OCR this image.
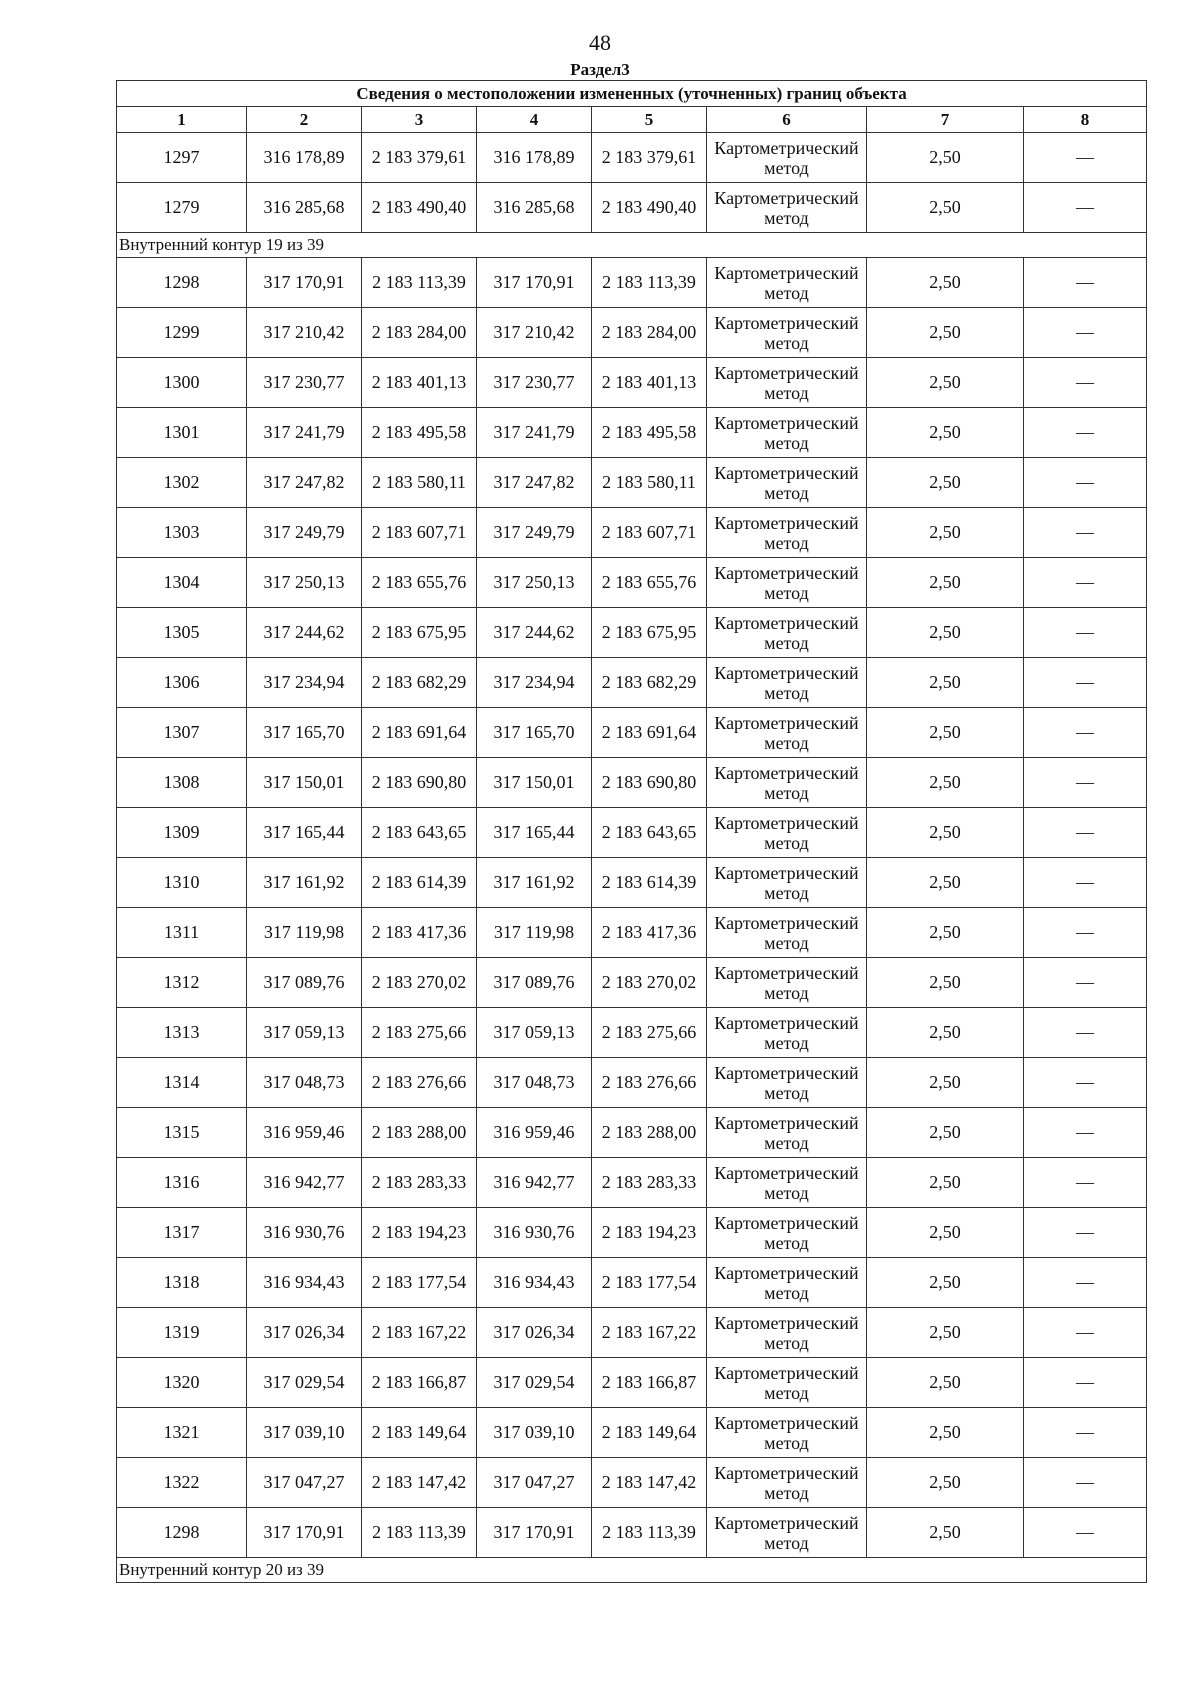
48
Раздел3
Сведения о местоположении измененных (уточненных) границ объекта							
1	2	3	4	5	6	7	8
1297	316 178,89	2 183 379,61	316 178,89	2 183 379,61	Картометрический метод	2,50	—
1279	316 285,68	2 183 490,40	316 285,68	2 183 490,40	Картометрический метод	2,50	—
Внутренний контур 19 из 39							
1298	317 170,91	2 183 113,39	317 170,91	2 183 113,39	Картометрический метод	2,50	—
1299	317 210,42	2 183 284,00	317 210,42	2 183 284,00	Картометрический метод	2,50	—
1300	317 230,77	2 183 401,13	317 230,77	2 183 401,13	Картометрический метод	2,50	—
1301	317 241,79	2 183 495,58	317 241,79	2 183 495,58	Картометрический метод	2,50	—
1302	317 247,82	2 183 580,11	317 247,82	2 183 580,11	Картометрический метод	2,50	—
1303	317 249,79	2 183 607,71	317 249,79	2 183 607,71	Картометрический метод	2,50	—
1304	317 250,13	2 183 655,76	317 250,13	2 183 655,76	Картометрический метод	2,50	—
1305	317 244,62	2 183 675,95	317 244,62	2 183 675,95	Картометрический метод	2,50	—
1306	317 234,94	2 183 682,29	317 234,94	2 183 682,29	Картометрический метод	2,50	—
1307	317 165,70	2 183 691,64	317 165,70	2 183 691,64	Картометрический метод	2,50	—
1308	317 150,01	2 183 690,80	317 150,01	2 183 690,80	Картометрический метод	2,50	—
1309	317 165,44	2 183 643,65	317 165,44	2 183 643,65	Картометрический метод	2,50	—
1310	317 161,92	2 183 614,39	317 161,92	2 183 614,39	Картометрический метод	2,50	—
1311	317 119,98	2 183 417,36	317 119,98	2 183 417,36	Картометрический метод	2,50	—
1312	317 089,76	2 183 270,02	317 089,76	2 183 270,02	Картометрический метод	2,50	—
1313	317 059,13	2 183 275,66	317 059,13	2 183 275,66	Картометрический метод	2,50	—
1314	317 048,73	2 183 276,66	317 048,73	2 183 276,66	Картометрический метод	2,50	—
1315	316 959,46	2 183 288,00	316 959,46	2 183 288,00	Картометрический метод	2,50	—
1316	316 942,77	2 183 283,33	316 942,77	2 183 283,33	Картометрический метод	2,50	—
1317	316 930,76	2 183 194,23	316 930,76	2 183 194,23	Картометрический метод	2,50	—
1318	316 934,43	2 183 177,54	316 934,43	2 183 177,54	Картометрический метод	2,50	—
1319	317 026,34	2 183 167,22	317 026,34	2 183 167,22	Картометрический метод	2,50	—
1320	317 029,54	2 183 166,87	317 029,54	2 183 166,87	Картометрический метод	2,50	—
1321	317 039,10	2 183 149,64	317 039,10	2 183 149,64	Картометрический метод	2,50	—
1322	317 047,27	2 183 147,42	317 047,27	2 183 147,42	Картометрический метод	2,50	—
1298	317 170,91	2 183 113,39	317 170,91	2 183 113,39	Картометрический метод	2,50	—
Внутренний контур 20 из 39							
